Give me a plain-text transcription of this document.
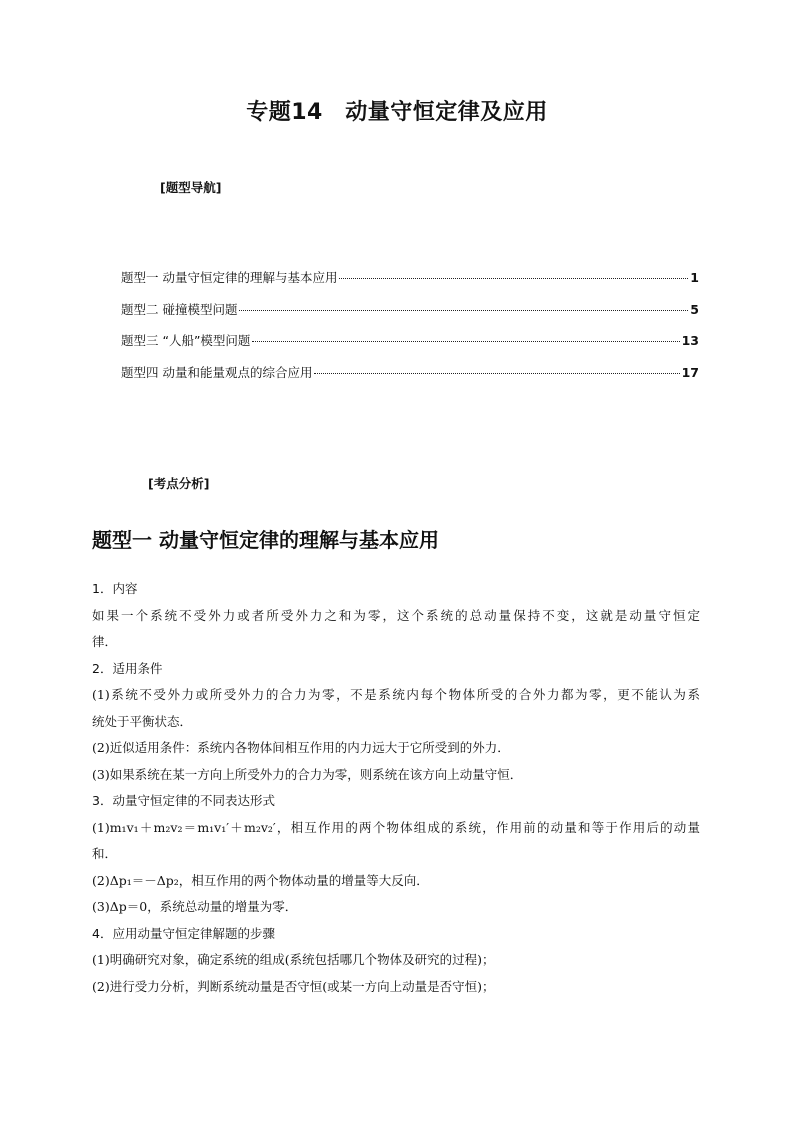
专题14　动量守恒定律及应用
[题型导航]
题型一 动量守恒定律的理解与基本应用	1
题型二 碰撞模型问题	5
题型三 “人船”模型问题	13
题型四 动量和能量观点的综合应用	17
[考点分析]
题型一 动量守恒定律的理解与基本应用
1．内容
如果一个系统不受外力或者所受外力之和为零，这个系统的总动量保持不变，这就是动量守恒定
律．
2．适用条件
(1)系统不受外力或所受外力的合力为零，不是系统内每个物体所受的合外力都为零，更不能认为系
统处于平衡状态．
(2)近似适用条件：系统内各物体间相互作用的内力远大于它所受到的外力．
(3)如果系统在某一方向上所受外力的合力为零，则系统在该方向上动量守恒．
3．动量守恒定律的不同表达形式
(1)m₁v₁＋m₂v₂＝m₁v₁′＋m₂v₂′，相互作用的两个物体组成的系统，作用前的动量和等于作用后的动量
和．
(2)Δp₁＝－Δp₂，相互作用的两个物体动量的增量等大反向．
(3)Δp＝0，系统总动量的增量为零．
4．应用动量守恒定律解题的步骤
(1)明确研究对象，确定系统的组成(系统包括哪几个物体及研究的过程)；
(2)进行受力分析，判断系统动量是否守恒(或某一方向上动量是否守恒)；
